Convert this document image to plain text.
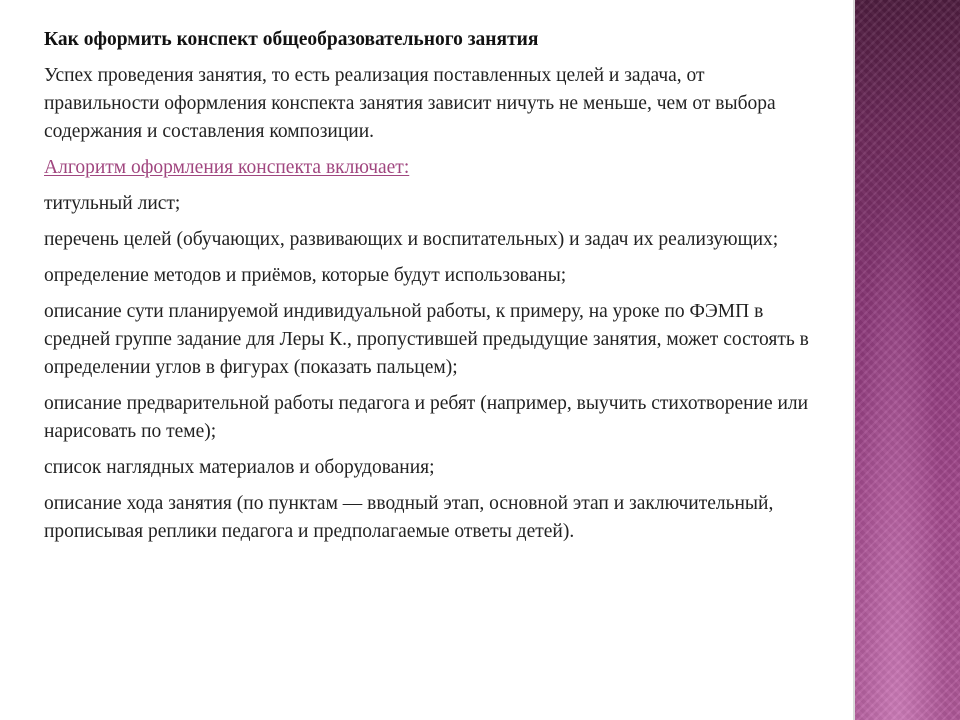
Как оформить конспект общеобразовательного занятия

Успех проведения занятия, то есть реализация поставленных целей и задача, от правильности оформления конспекта занятия зависит ничуть не меньше, чем от выбора содержания и составления композиции.

Алгоритм оформления конспекта включает:

титульный лист;

перечень целей (обучающих, развивающих и воспитательных) и задач их реализующих;

определение методов и приёмов, которые будут использованы;

описание сути планируемой индивидуальной работы, к примеру, на уроке по ФЭМП в средней группе задание для Леры К., пропустившей предыдущие занятия, может состоять в определении углов в фигурах (показать пальцем);

описание предварительной работы педагога и ребят (например, выучить стихотворение или нарисовать по теме);

список наглядных материалов и оборудования;

описание хода занятия (по пунктам — вводный этап, основной этап и заключительный, прописывая реплики педагога и предполагаемые ответы детей).
